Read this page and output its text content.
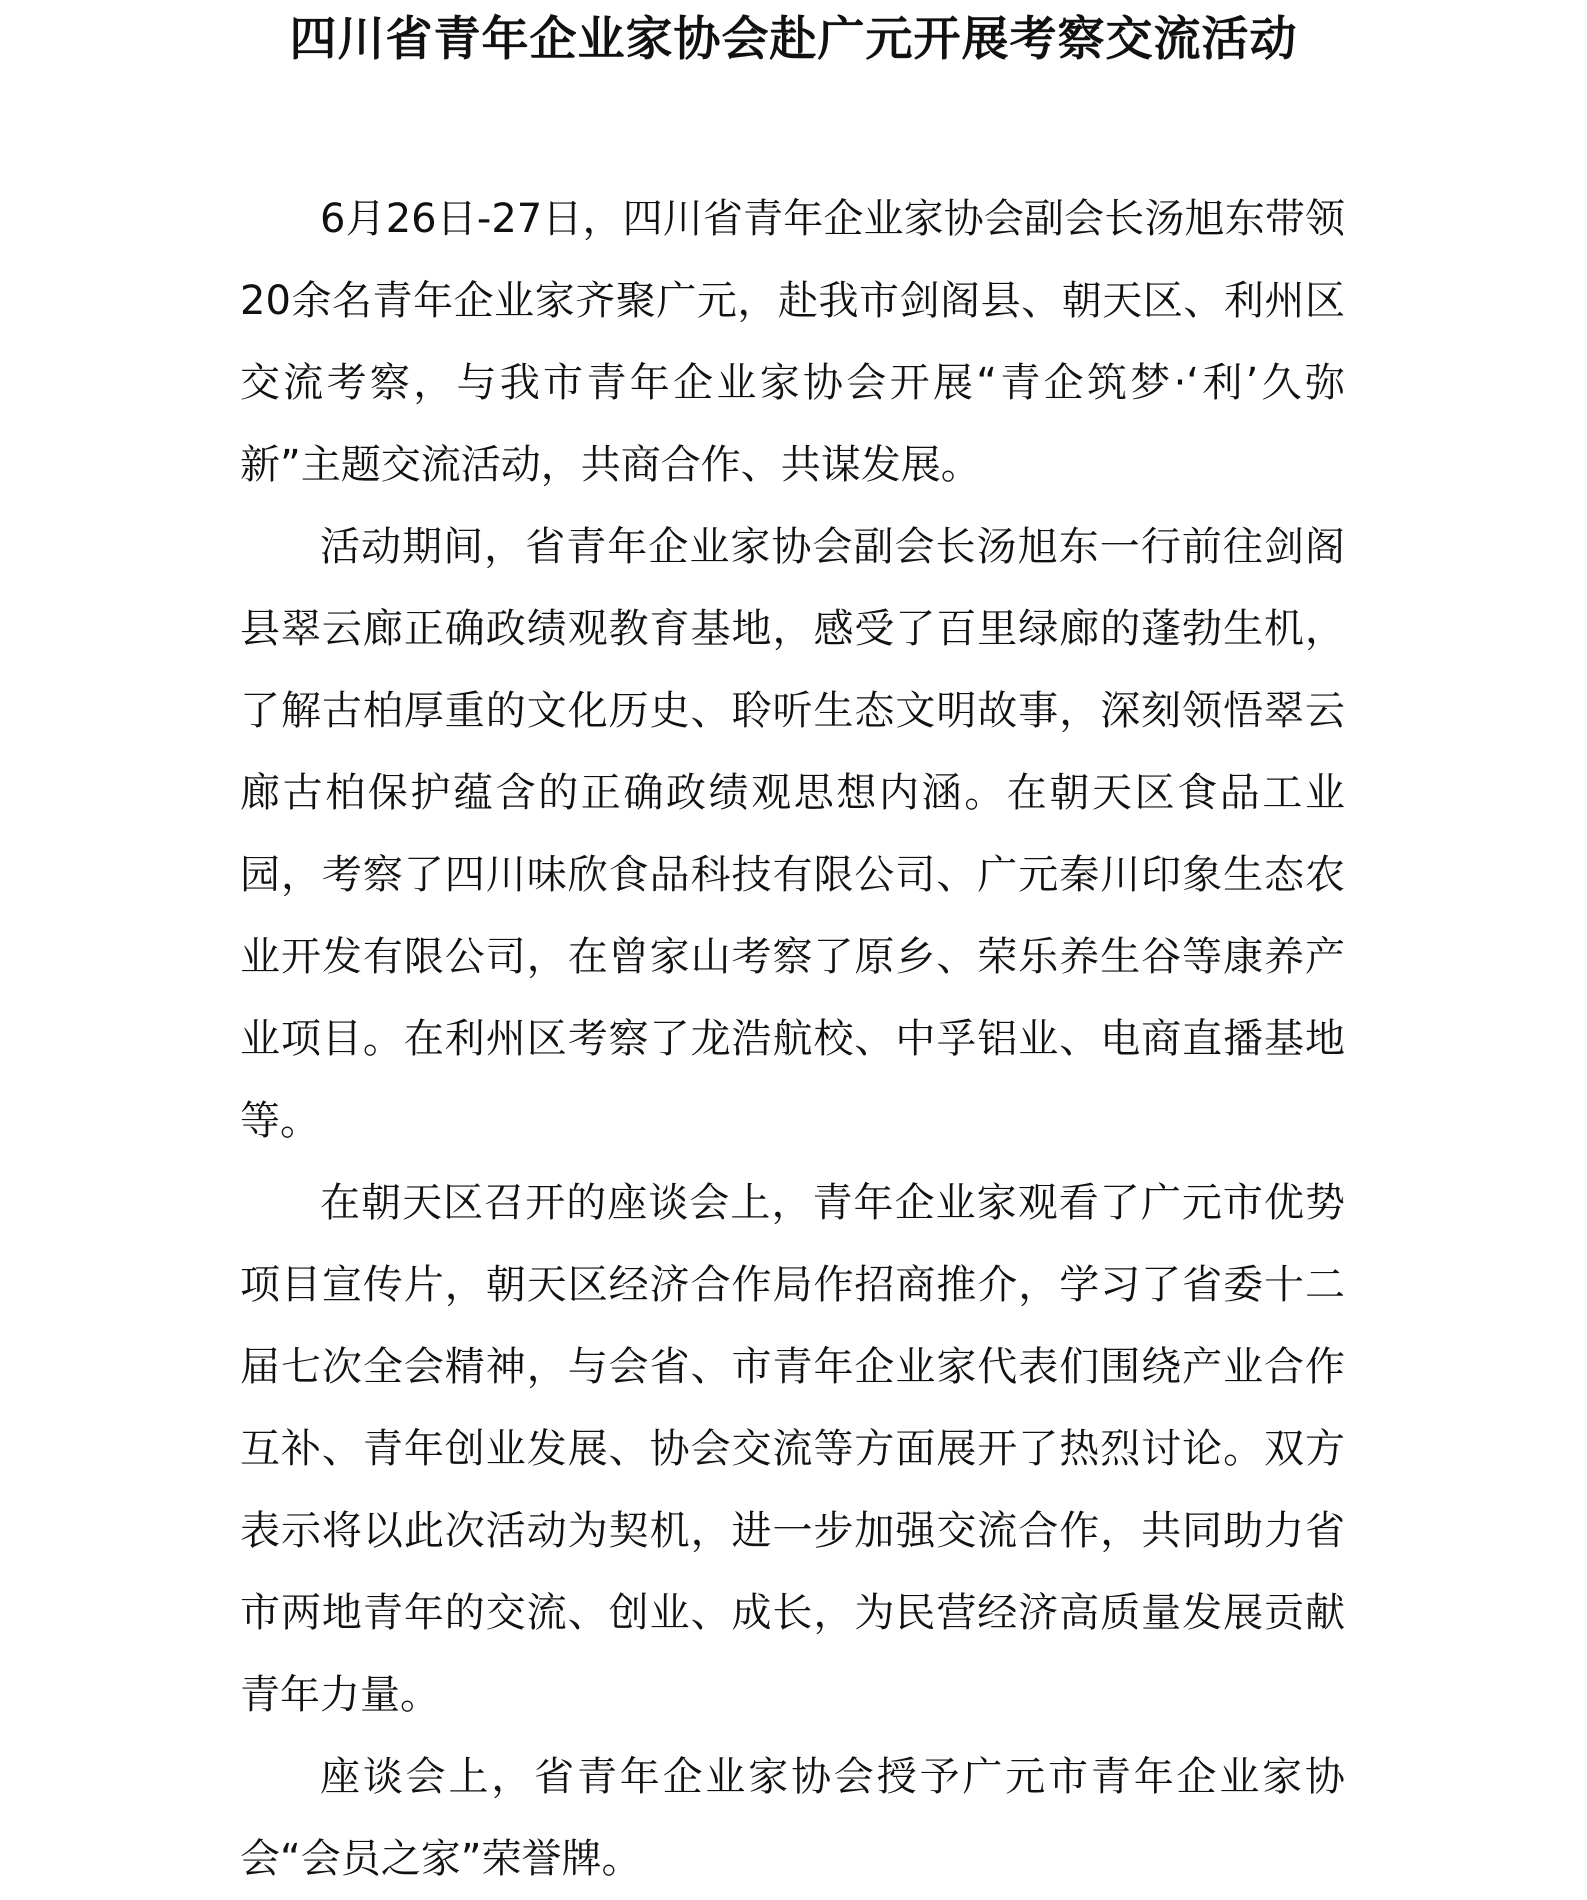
四川省青年企业家协会赴广元开展考察交流活动

6月26日-27日，四川省青年企业家协会副会长汤旭东带领20余名青年企业家齐聚广元，赴我市剑阁县、朝天区、利州区交流考察，与我市青年企业家协会开展“青企筑梦·‘利’久弥新”主题交流活动，共商合作、共谋发展。

活动期间，省青年企业家协会副会长汤旭东一行前往剑阁县翠云廊正确政绩观教育基地，感受了百里绿廊的蓬勃生机，了解古柏厚重的文化历史、聆听生态文明故事，深刻领悟翠云廊古柏保护蕴含的正确政绩观思想内涵。在朝天区食品工业园，考察了四川味欣食品科技有限公司、广元秦川印象生态农业开发有限公司，在曾家山考察了原乡、荣乐养生谷等康养产业项目。在利州区考察了龙浩航校、中孚铝业、电商直播基地等。

在朝天区召开的座谈会上，青年企业家观看了广元市优势项目宣传片，朝天区经济合作局作招商推介，学习了省委十二届七次全会精神，与会省、市青年企业家代表们围绕产业合作互补、青年创业发展、协会交流等方面展开了热烈讨论。双方表示将以此次活动为契机，进一步加强交流合作，共同助力省市两地青年的交流、创业、成长，为民营经济高质量发展贡献青年力量。

座谈会上，省青年企业家协会授予广元市青年企业家协会“会员之家”荣誉牌。
